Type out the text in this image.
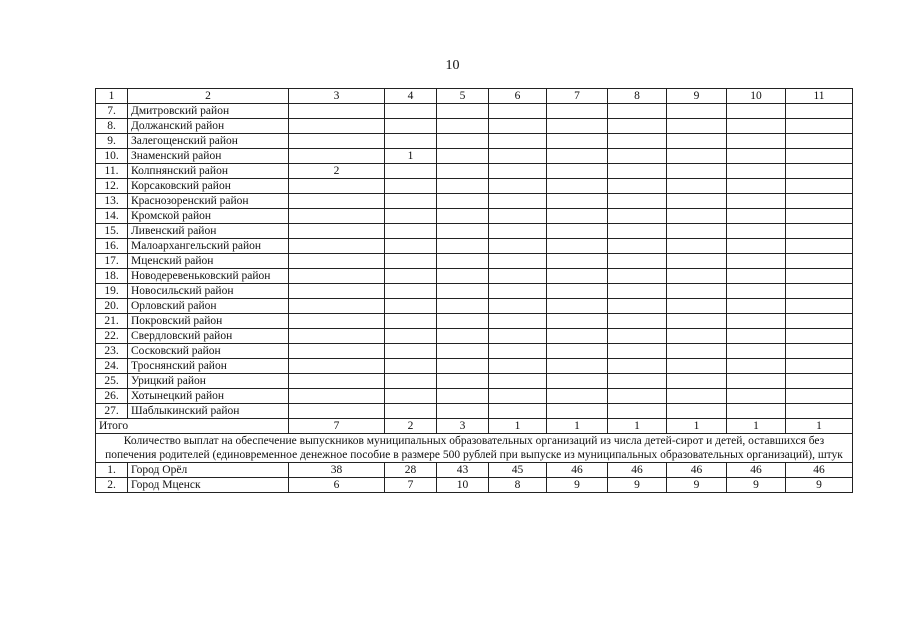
10
1	2	3	4	5	6	7	8	9	10	11
7.	Дмитровский район									
8.	Должанский район									
9.	Залегощенский район									
10.	Знаменский район		1							
11.	Колпнянский район	2								
12.	Корсаковский район									
13.	Краснозоренский район									
14.	Кромской район									
15.	Ливенский район									
16.	Малоархангельский район									
17.	Мценский район									
18.	Новодеревеньковский район									
19.	Новосильский район									
20.	Орловский район									
21.	Покровский район									
22.	Свердловский район									
23.	Сосковский район									
24.	Троснянский район									
25.	Урицкий район									
26.	Хотынецкий район									
27.	Шаблыкинский район									
Итого		7	2	3	1	1	1	1	1	1
Количество выплат на обеспечение выпускников муниципальных образовательных организаций из числа детей-сирот и детей, оставшихся без попечения родителей (единовременное денежное пособие в размере 500 рублей при выпуске из муниципальных образовательных организаций), штук										
1.	Город Орёл	38	28	43	45	46	46	46	46	46
2.	Город Мценск	6	7	10	8	9	9	9	9	9
